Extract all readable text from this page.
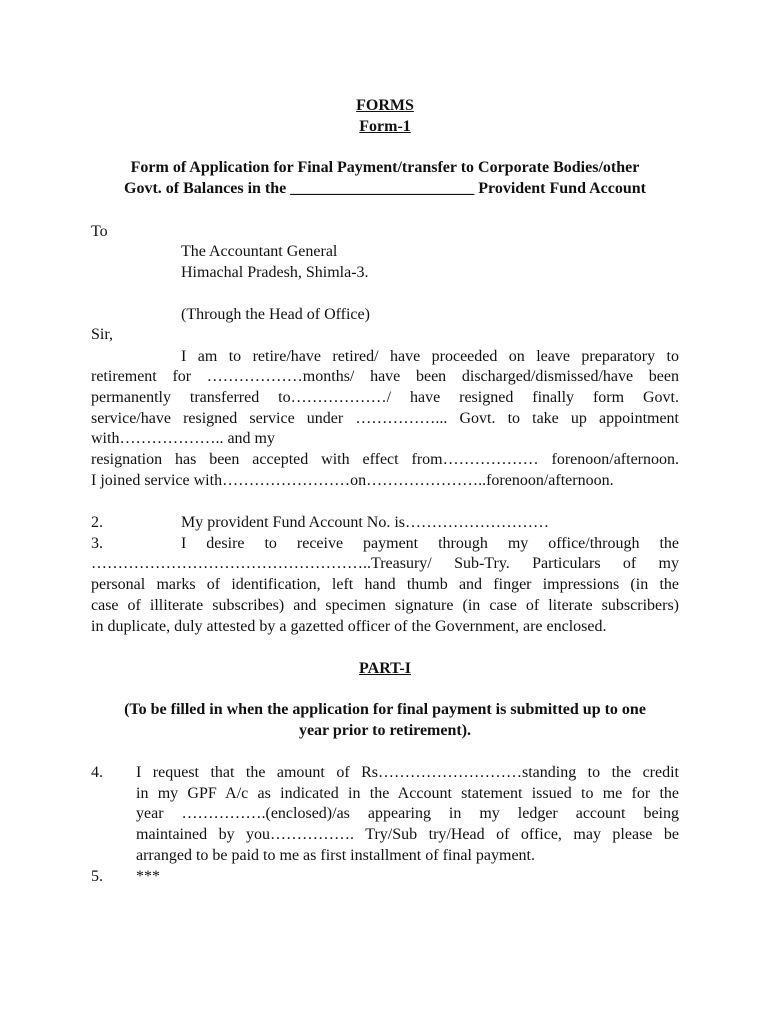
FORMS
Form-1
Form of Application for Final Payment/transfer to Corporate Bodies/other
Govt. of Balances in the _______________________ Provident Fund Account
To
The Accountant General
Himachal Pradesh, Shimla-3.
(Through the Head of Office)
Sir,
I am to retire/have retired/ have proceeded on leave preparatory to
retirement for ………………months/ have been discharged/dismissed/have been
permanently transferred to………………/ have resigned finally form Govt.
service/have resigned service under ……………... Govt. to take up appointment
with……………….. and my
resignation has been accepted with effect from……………… forenoon/afternoon.
I joined service with……………………on…………………..forenoon/afternoon.
2.	My provident Fund Account No. is………………………
3.	I desire to receive payment through my office/through the
……………………………………………..Treasury/ Sub-Try. Particulars of my
personal marks of identification, left hand thumb and finger impressions (in the
case of illiterate subscribes) and specimen signature (in case of literate subscribers)
in duplicate, duly attested by a gazetted officer of the Government, are enclosed.
PART-I
(To be filled in when the application for final payment is submitted up to one
year prior to retirement).
4. I request that the amount of Rs………………………standing to the credit
in my GPF A/c as indicated in the Account statement issued to me for the
year …………….(enclosed)/as appearing in my ledger account being
maintained by you……………. Try/Sub try/Head of office, may please be
arranged to be paid to me as first installment of final payment.
5. ***
